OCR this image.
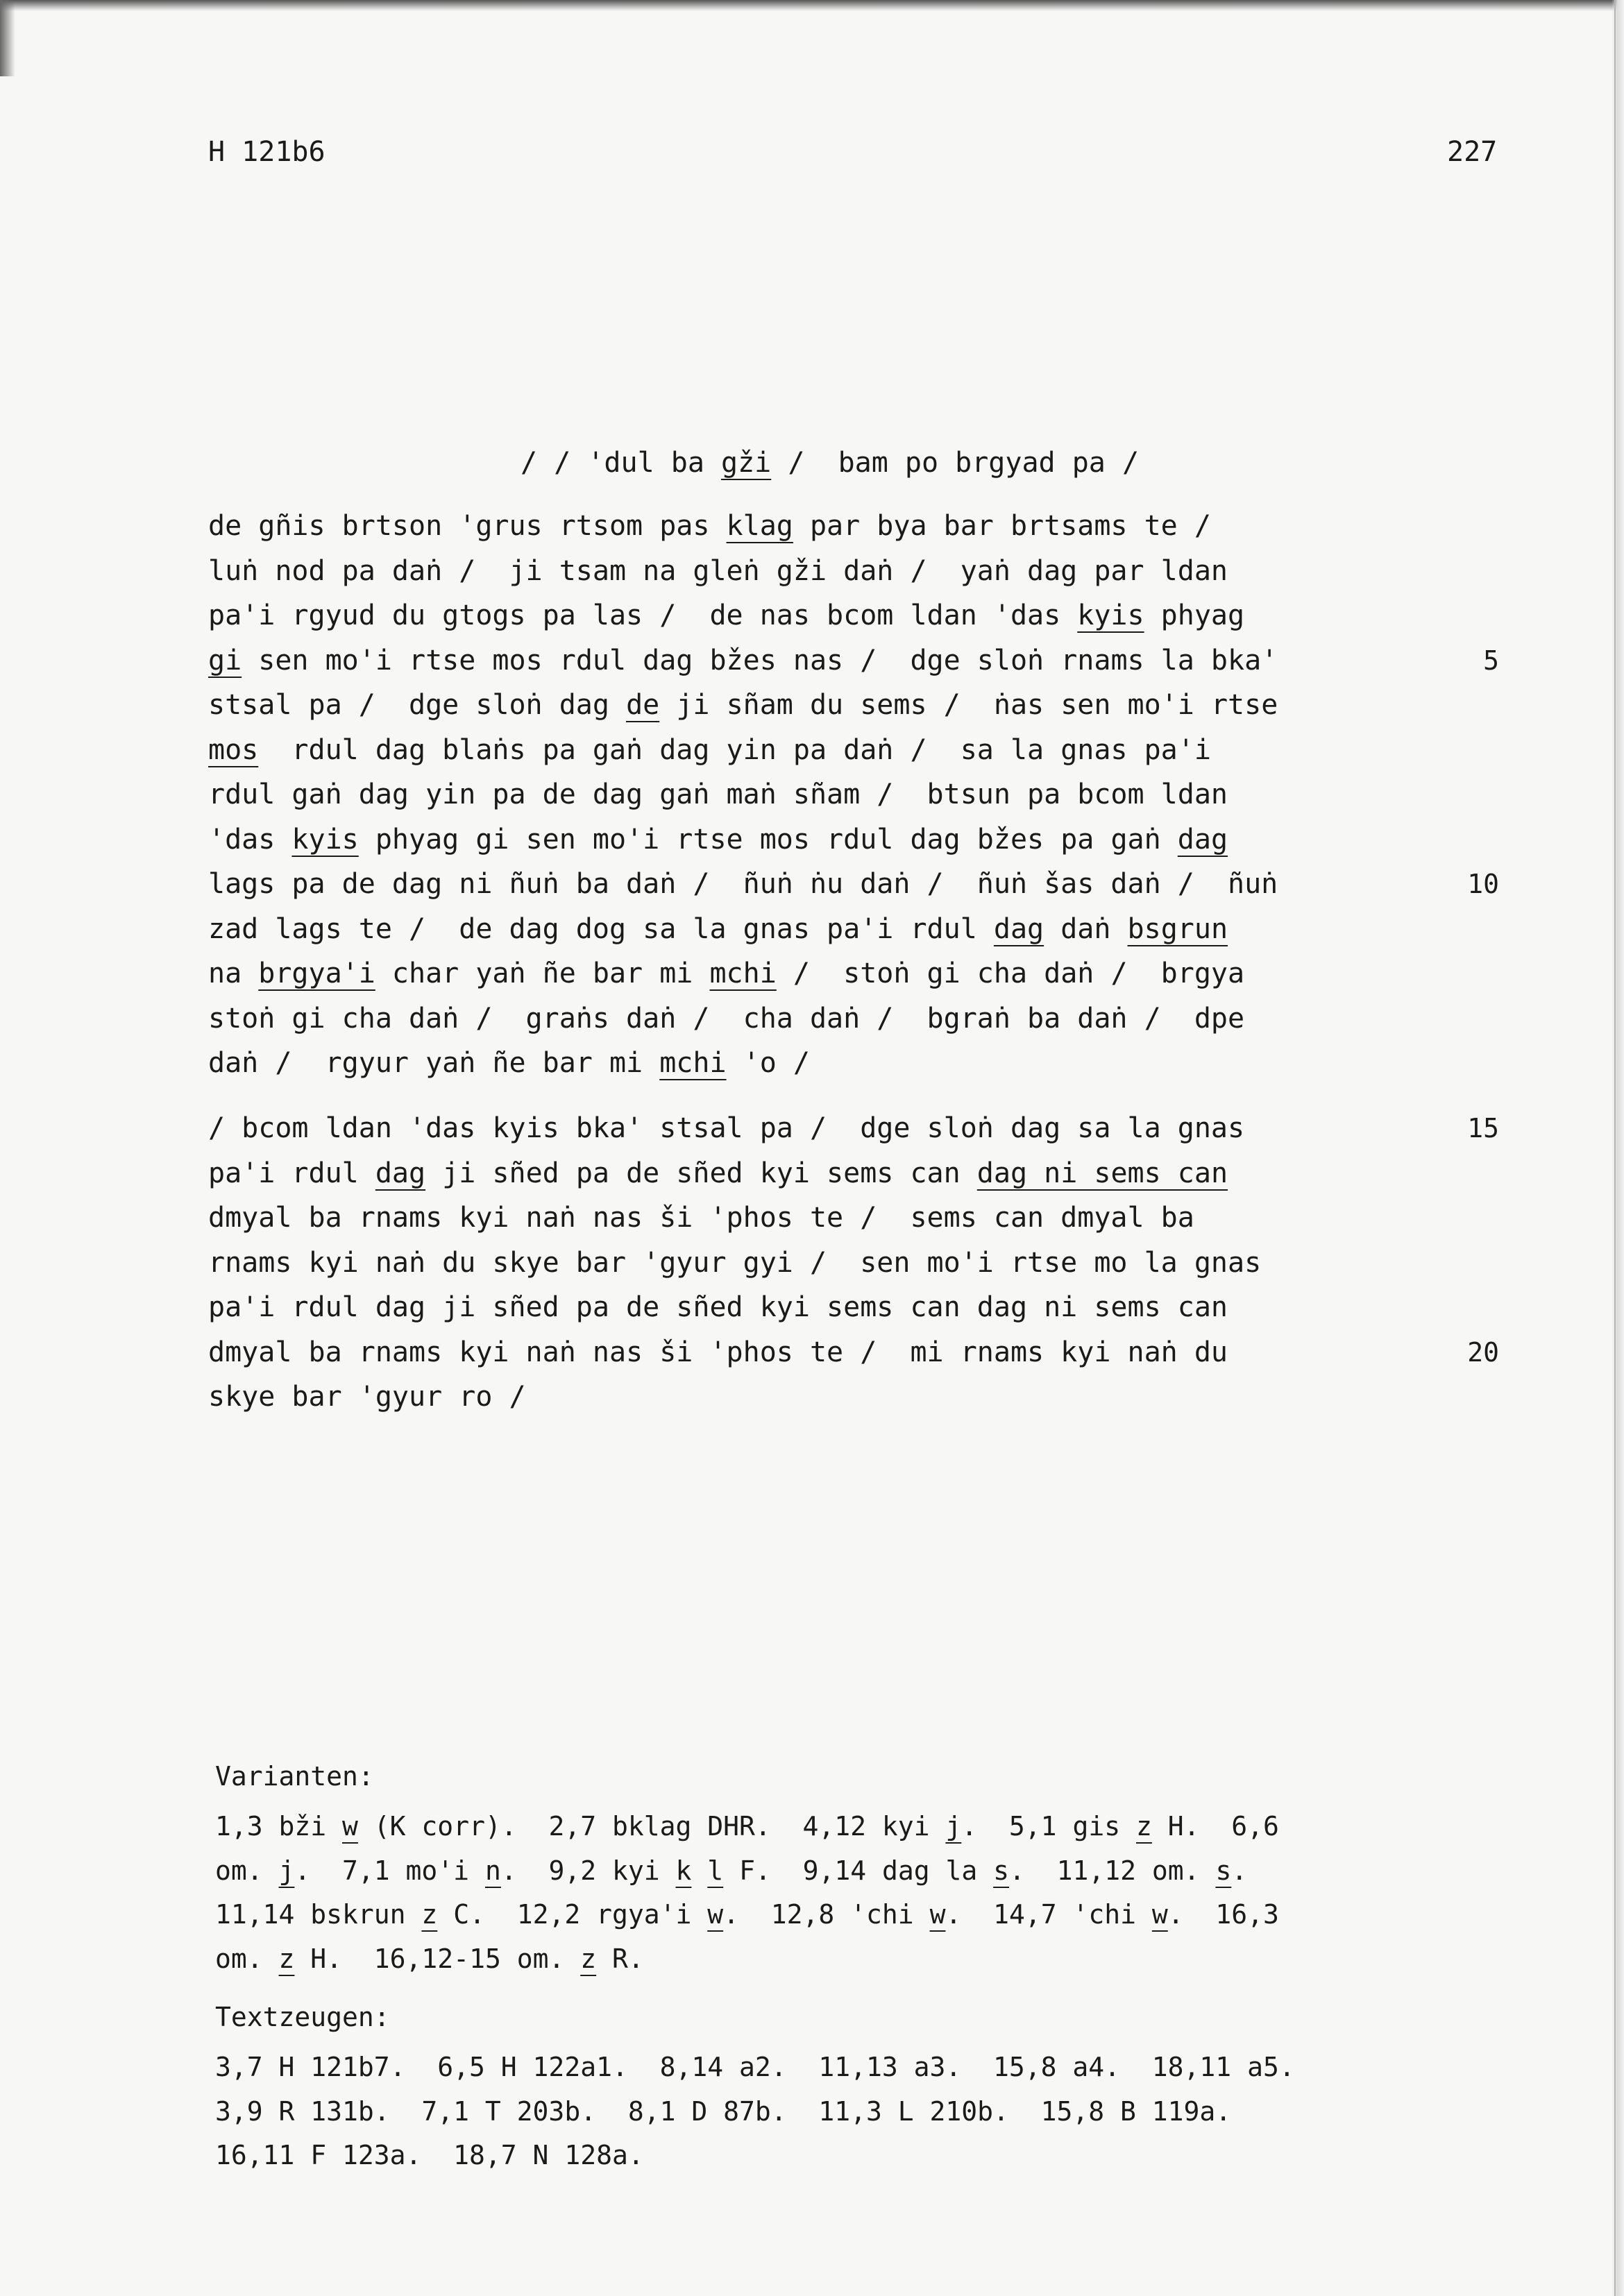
H 121b6	227
/ / 'dul ba gži /  bam po brgyad pa /
de gñis brtson 'grus rtsom pas klag par bya bar brtsams te /
luṅ nod pa daṅ /  ji tsam na gleṅ gži daṅ /  yaṅ dag par ldan
pa'i rgyud du gtogs pa las /  de nas bcom ldan 'das kyis phyag
gi sen mo'i rtse mos rdul dag bžes nas /  dge sloṅ rnams la bka'	5
stsal pa /  dge sloṅ dag de ji sñam du sems /  ṅas sen mo'i rtse
mos  rdul dag blaṅs pa gaṅ dag yin pa daṅ /  sa la gnas pa'i
rdul gaṅ dag yin pa de dag gaṅ maṅ sñam /  btsun pa bcom ldan
'das kyis phyag gi sen mo'i rtse mos rdul dag bžes pa gaṅ dag
lags pa de dag ni ñuṅ ba daṅ /  ñuṅ ṅu daṅ /  ñuṅ šas daṅ /  ñuṅ	10
zad lags te /  de dag dog sa la gnas pa'i rdul dag daṅ bsgrun
na brgya'i char yaṅ ñe bar mi mchi /  stoṅ gi cha daṅ /  brgya
stoṅ gi cha daṅ /  graṅs daṅ /  cha daṅ /  bgraṅ ba daṅ /  dpe
daṅ /  rgyur yaṅ ñe bar mi mchi 'o /
/ bcom ldan 'das kyis bka' stsal pa /  dge sloṅ dag sa la gnas	15
pa'i rdul dag ji sñed pa de sñed kyi sems can dag ni sems can
dmyal ba rnams kyi naṅ nas ši 'phos te /  sems can dmyal ba
rnams kyi naṅ du skye bar 'gyur gyi /  sen mo'i rtse mo la gnas
pa'i rdul dag ji sñed pa de sñed kyi sems can dag ni sems can
dmyal ba rnams kyi naṅ nas ši 'phos te /  mi rnams kyi naṅ du	20
skye bar 'gyur ro /
Varianten:
1,3 bži w (K corr).  2,7 bklag DHR.  4,12 kyi j.  5,1 gis z H.  6,6
om. j.  7,1 mo'i n.  9,2 kyi k l F.  9,14 dag la s.  11,12 om. s.
11,14 bskrun z C.  12,2 rgya'i w.  12,8 'chi w.  14,7 'chi w.  16,3
om. z H.  16,12-15 om. z R.
Textzeugen:
3,7 H 121b7.  6,5 H 122a1.  8,14 a2.  11,13 a3.  15,8 a4.  18,11 a5.
3,9 R 131b.  7,1 T 203b.  8,1 D 87b.  11,3 L 210b.  15,8 B 119a.
16,11 F 123a.  18,7 N 128a.
